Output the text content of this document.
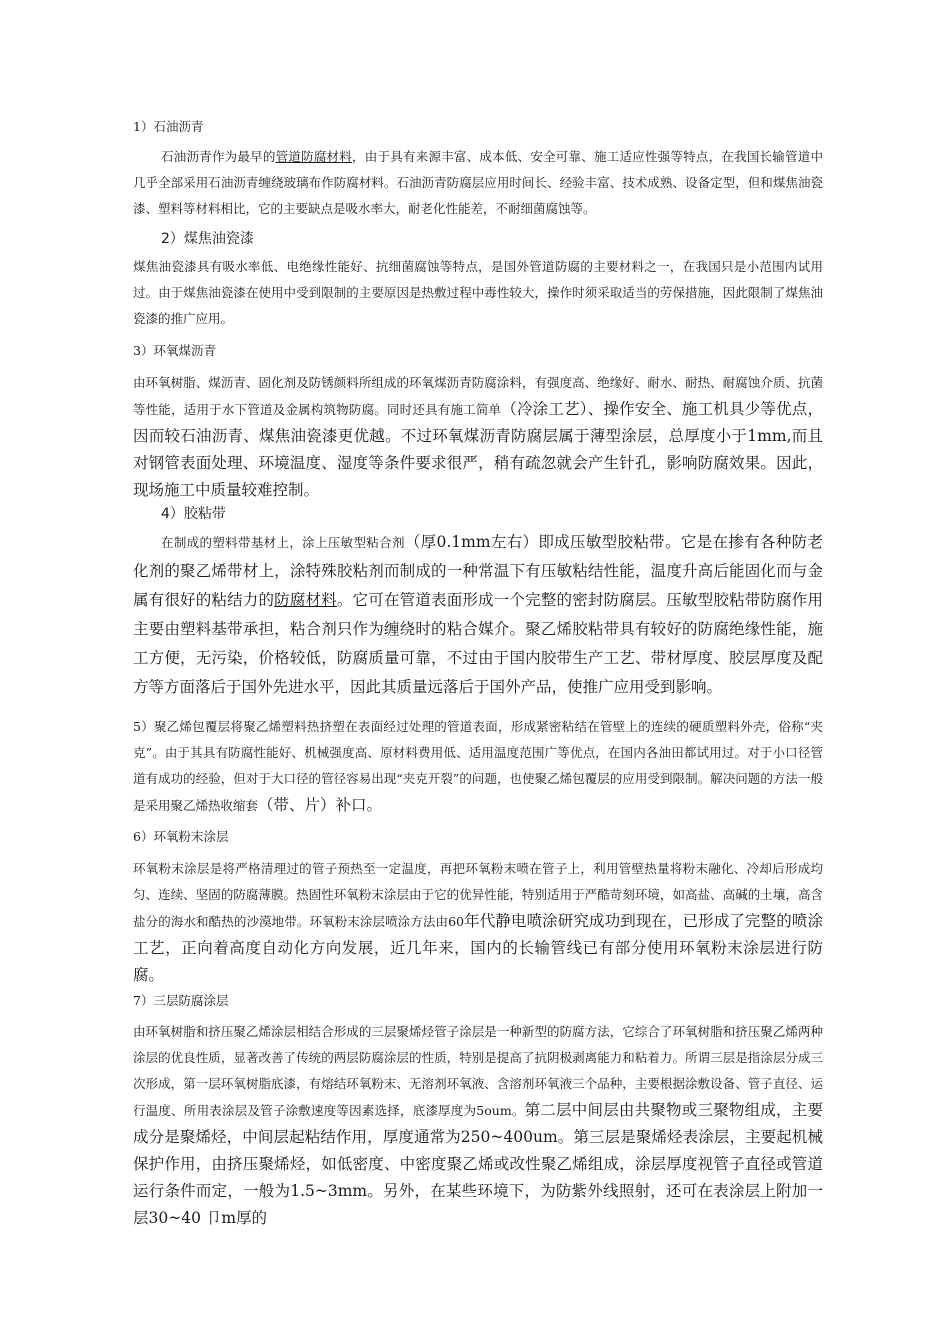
1）石油沥青

石油沥青作为最早的管道防腐材料，由于具有来源丰富、成本低、安全可靠、施工适应性强等特点，在我国长输管道中几乎全部采用石油沥青缠绕玻璃布作防腐材料。石油沥青防腐层应用时间长、经验丰富、技术成熟、设备定型，但和煤焦油瓷漆、塑料等材料相比，它的主要缺点是吸水率大，耐老化性能差，不耐细菌腐蚀等。

2）煤焦油瓷漆

煤焦油瓷漆具有吸水率低、电绝缘性能好、抗细菌腐蚀等特点，是国外管道防腐的主要材料之一，在我国只是小范围内试用过。由于煤焦油瓷漆在使用中受到限制的主要原因是热敷过程中毒性较大，操作时须采取适当的劳保措施，因此限制了煤焦油瓷漆的推广应用。

3）环氧煤沥青

由环氧树脂、煤沥青、固化剂及防锈颜料所组成的环氧煤沥青防腐涂料，有强度高、绝缘好、耐水、耐热、耐腐蚀介质、抗菌等性能，适用于水下管道及金属构筑物防腐。同时还具有施工简单（冷涂工艺）、操作安全、施工机具少等优点，因而较石油沥青、煤焦油瓷漆更优越。不过环氧煤沥青防腐层属于薄型涂层，总厚度小于1mm,而且对钢管表面处理、环境温度、湿度等条件要求很严，稍有疏忽就会产生针孔，影响防腐效果。因此，现场施工中质量较难控制。

4）胶粘带

在制成的塑料带基材上，涂上压敏型粘合剂（厚0.1mm左右）即成压敏型胶粘带。它是在掺有各种防老化剂的聚乙烯带材上，涂特殊胶粘剂而制成的一种常温下有压敏粘结性能，温度升高后能固化而与金属有很好的粘结力的防腐材料。它可在管道表面形成一个完整的密封防腐层。压敏型胶粘带防腐作用主要由塑料基带承担，粘合剂只作为缠绕时的粘合媒介。聚乙烯胶粘带具有较好的防腐绝缘性能，施工方便，无污染，价格较低，防腐质量可靠，不过由于国内胶带生产工艺、带材厚度、胶层厚度及配方等方面落后于国外先进水平，因此其质量远落后于国外产品，使推广应用受到影响。

5）聚乙烯包覆层将聚乙烯塑料热挤塑在表面经过处理的管道表面，形成紧密粘结在管壁上的连续的硬质塑料外壳，俗称“夹克”。由于其具有防腐性能好、机械强度高、原材料费用低、适用温度范围广等优点，在国内各油田都试用过。对于小口径管道有成功的经验，但对于大口径的管径容易出现“夹克开裂”的问题，也使聚乙烯包覆层的应用受到限制。解决问题的方法一般是采用聚乙烯热收缩套（带、片）补口。

6）环氧粉末涂层

环氧粉末涂层是将严格清理过的管子预热至一定温度，再把环氧粉末喷在管子上，利用管壁热量将粉末融化、冷却后形成均匀、连续、坚固的防腐薄膜。热固性环氧粉末涂层由于它的优异性能，特别适用于严酷苛刻环境，如高盐、高碱的土壤，高含盐分的海水和酷热的沙漠地带。环氧粉末涂层喷涂方法由60年代静电喷涂研究成功到现在，已形成了完整的喷涂工艺，正向着高度自动化方向发展，近几年来，国内的长输管线已有部分使用环氧粉末涂层进行防腐。

7）三层防腐涂层

由环氧树脂和挤压聚乙烯涂层相结合形成的三层聚烯烃管子涂层是一种新型的防腐方法，它综合了环氧树脂和挤压聚乙烯两种涂层的优良性质，显著改善了传统的两层防腐涂层的性质，特别是提高了抗阴极剥离能力和粘着力。所谓三层是指涂层分成三次形成，第一层环氧树脂底漆，有熔结环氧粉末、无溶剂环氧液、含溶剂环氧液三个品种，主要根据涂敷设备、管子直径、运行温度、所用表涂层及管子涂敷速度等因素选择，底漆厚度为5oum。第二层中间层由共聚物或三聚物组成，主要成分是聚烯烃，中间层起粘结作用，厚度通常为250~400um。第三层是聚烯烃表涂层，主要起机械保护作用，由挤压聚烯烃，如低密度、中密度聚乙烯或改性聚乙烯组成，涂层厚度视管子直径或管道运行条件而定，一般为1.5~3mm。另外，在某些环境下，为防紫外线照射，还可在表涂层上附加一层30~40 卩m厚的
